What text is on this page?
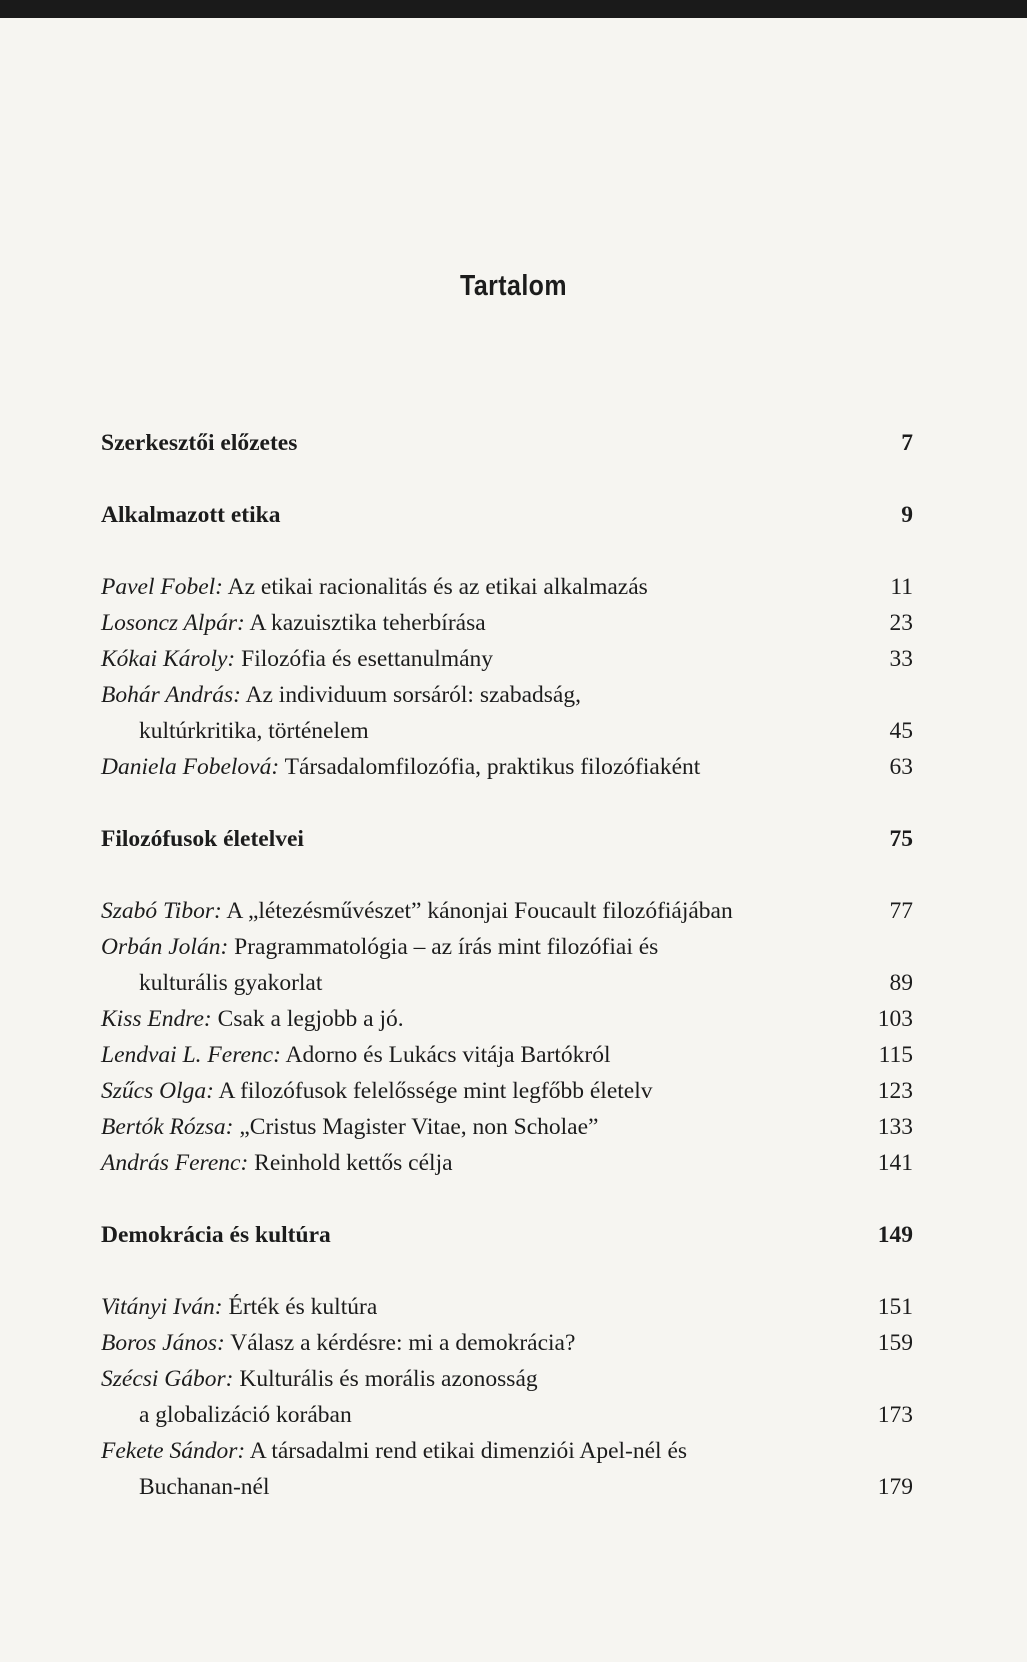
Tartalom
Szerkesztői előzetes	7
Alkalmazott etika	9
Pavel Fobel: Az etikai racionalitás és az etikai alkalmazás	11
Losoncz Alpár: A kazuisztika teherbírása	23
Kókai Károly: Filozófia és esettanulmány	33
Bohár András: Az individuum sorsáról: szabadság,
kultúrkritika, történelem	45
Daniela Fobelová: Társadalomfilozófia, praktikus filozófiaként	63
Filozófusok életelvei	75
Szabó Tibor: A „létezésművészet” kánonjai Foucault filozófiájában	77
Orbán Jolán: Pragrammatológia – az írás mint filozófiai és
kulturális gyakorlat	89
Kiss Endre: Csak a legjobb a jó.	103
Lendvai L. Ferenc: Adorno és Lukács vitája Bartókról	115
Szűcs Olga: A filozófusok felelőssége mint legfőbb életelv	123
Bertók Rózsa: „Cristus Magister Vitae, non Scholae”	133
András Ferenc: Reinhold kettős célja	141
Demokrácia és kultúra	149
Vitányi Iván: Érték és kultúra	151
Boros János: Válasz a kérdésre: mi a demokrácia?	159
Szécsi Gábor: Kulturális és morális azonosság
a globalizáció korában	173
Fekete Sándor: A társadalmi rend etikai dimenziói Apel-nél és
Buchanan-nél	179
